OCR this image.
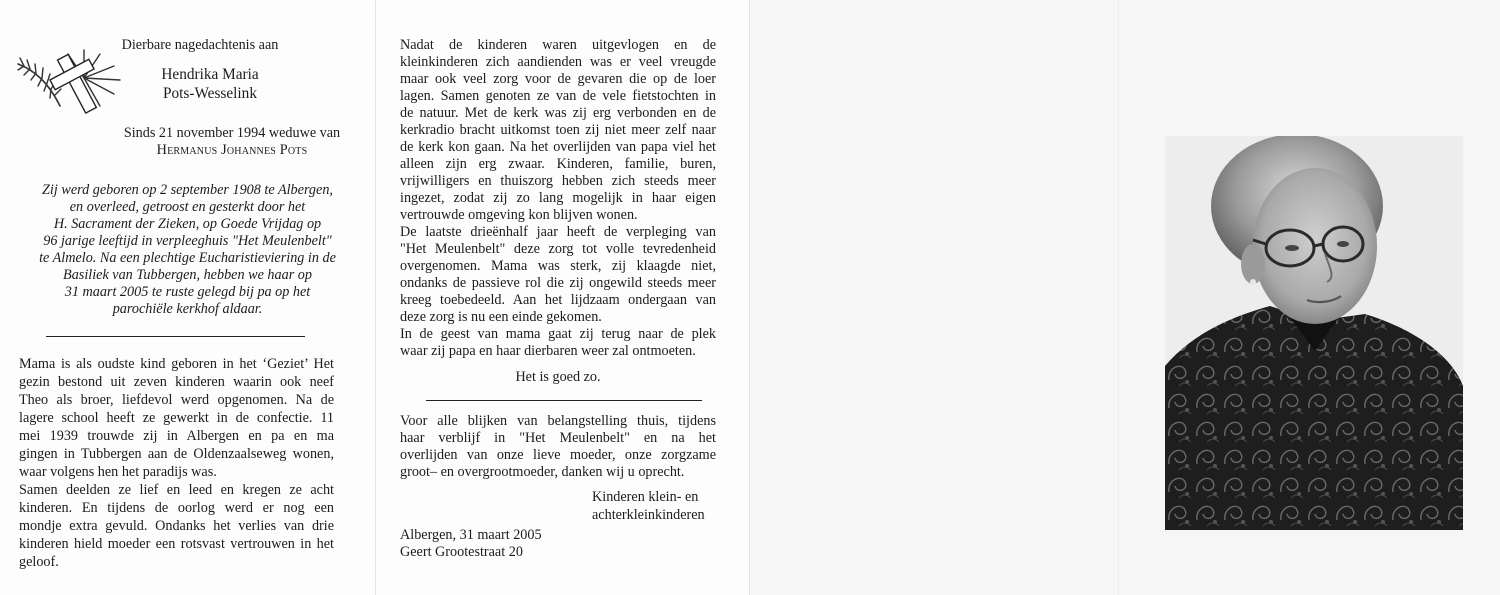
Dierbare nagedachtenis aan
Hendrika Maria
Pots-Wesselink
Sinds 21 november 1994 weduwe van
Hermanus Johannes Pots
Zij werd geboren op 2 september 1908 te Albergen,
en overleed, getroost en gesterkt door het
H. Sacrament der Zieken, op Goede Vrijdag op
96 jarige leeftijd in verpleeghuis "Het Meulenbelt"
te Almelo. Na een plechtige Eucharistieviering in de
Basiliek van Tubbergen, hebben we haar op
31 maart 2005 te ruste gelegd bij pa op het
parochiële kerkhof aldaar.
Mama is als oudste kind geboren in het ‘Geziet’ Het
gezin bestond uit zeven kinderen waarin ook neef
Theo als broer, liefdevol werd opgenomen. Na de
lagere school heeft ze gewerkt in de confectie. 11
mei 1939 trouwde zij in Albergen en pa en ma
gingen in Tubbergen aan de Oldenzaalseweg wonen,
waar volgens hen het paradijs was.
Samen deelden ze lief en leed en kregen ze acht
kinderen. En tijdens de oorlog werd er nog een
mondje extra gevuld. Ondanks het verlies van drie
kinderen hield moeder een rotsvast vertrouwen in het
geloof.
Nadat de kinderen waren uitgevlogen en de
kleinkinderen zich aandienden was er veel vreugde
maar ook veel zorg voor de gevaren die op de loer
lagen. Samen genoten ze van de vele fietstochten in
de natuur. Met de kerk was zij erg verbonden en de
kerkradio bracht uitkomst toen zij niet meer zelf naar
de kerk kon gaan. Na het overlijden van papa viel het
alleen zijn erg zwaar. Kinderen, familie, buren,
vrijwilligers en thuiszorg hebben zich steeds meer
ingezet, zodat zij zo lang mogelijk in haar eigen
vertrouwde omgeving kon blijven wonen.
De laatste drieënhalf jaar heeft de verpleging van
"Het Meulenbelt" deze zorg tot volle tevredenheid
overgenomen. Mama was sterk, zij klaagde niet,
ondanks de passieve rol die zij ongewild steeds meer
kreeg toebedeeld. Aan het lijdzaam ondergaan van
deze zorg is nu een einde gekomen.
In de geest van mama gaat zij terug naar de plek
waar zij papa en haar dierbaren weer zal ontmoeten.
Het is goed zo.
Voor alle blijken van belangstelling thuis, tijdens
haar verblijf in "Het Meulenbelt" en na het
overlijden van onze lieve moeder, onze zorgzame
groot– en overgrootmoeder, danken wij u oprecht.
Kinderen klein- en
achterkleinkinderen
Albergen, 31 maart 2005
Geert Grootestraat 20
